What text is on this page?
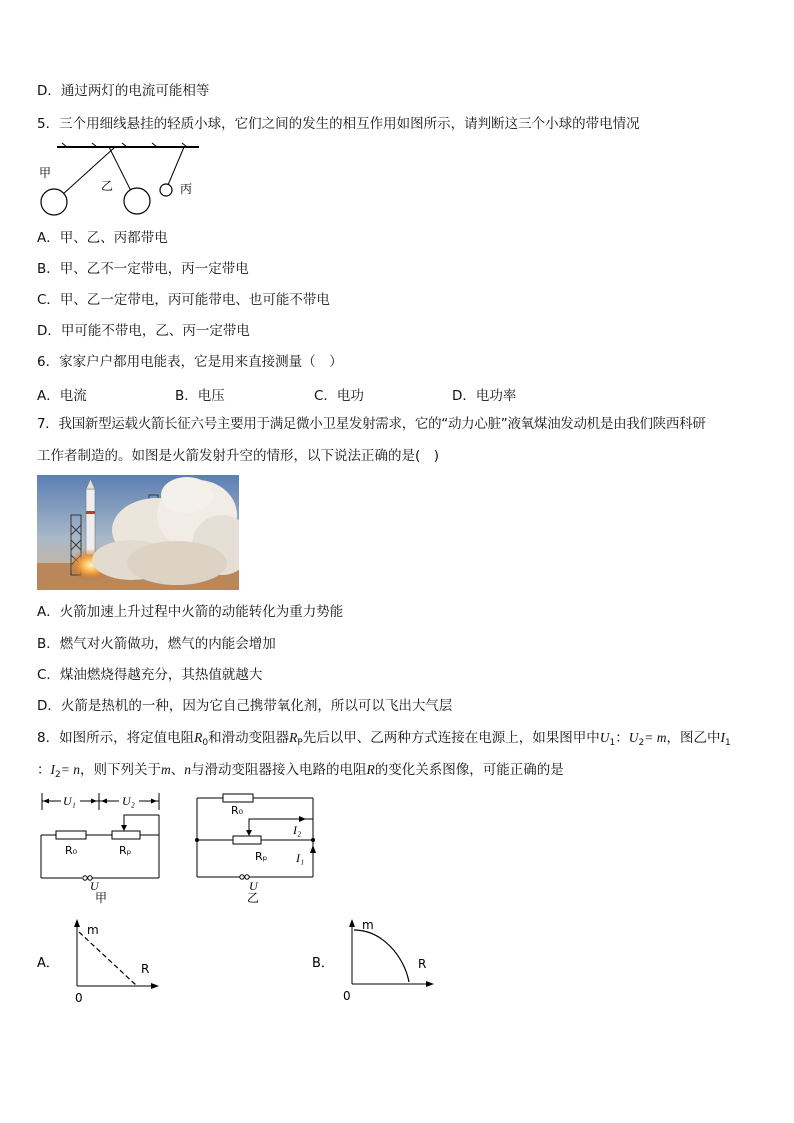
D．通过两灯的电流可能相等
5．三个用细线悬挂的轻质小球，它们之间的发生的相互作用如图所示，请判断这三个小球的带电情况
甲
乙	丙
A．甲、乙、丙都带电
B．甲、乙不一定带电，丙一定带电
C．甲、乙一定带电，丙可能带电、也可能不带电
D．甲可能不带电，乙、丙一定带电
6．家家户户都用电能表，它是用来直接测量（　）
A．电流	B．电压	C．电功	D．电功率
7．我国新型运载火箭长征六号主要用于满足微小卫星发射需求，它的“动力心脏”液氧煤油发动机是由我们陕西科研
工作者制造的。如图是火箭发射升空的情形，以下说法正确的是(　)
A．火箭加速上升过程中火箭的动能转化为重力势能
B．燃气对火箭做功，燃气的内能会增加
C．煤油燃烧得越充分，其热值就越大
D．火箭是热机的一种，因为它自己携带氧化剂，所以可以飞出大气层
8．如图所示，将定值电阻$R_0$和滑动变阻器$R_P$先后以甲、乙两种方式连接在电源上，如果图甲中$U_1$：$U_2= m$，图乙中$I_1$
：$I_2= n$，则下列关于m、n与滑动变阻器接入电路的电阻R的变化关系图像，可能正确的是
U₁	U₂
R₀	Rₚ
U
甲
R₀
Rₚ
I₂
I₁
U
乙
A．
m
R
0
B．
m
R
0
